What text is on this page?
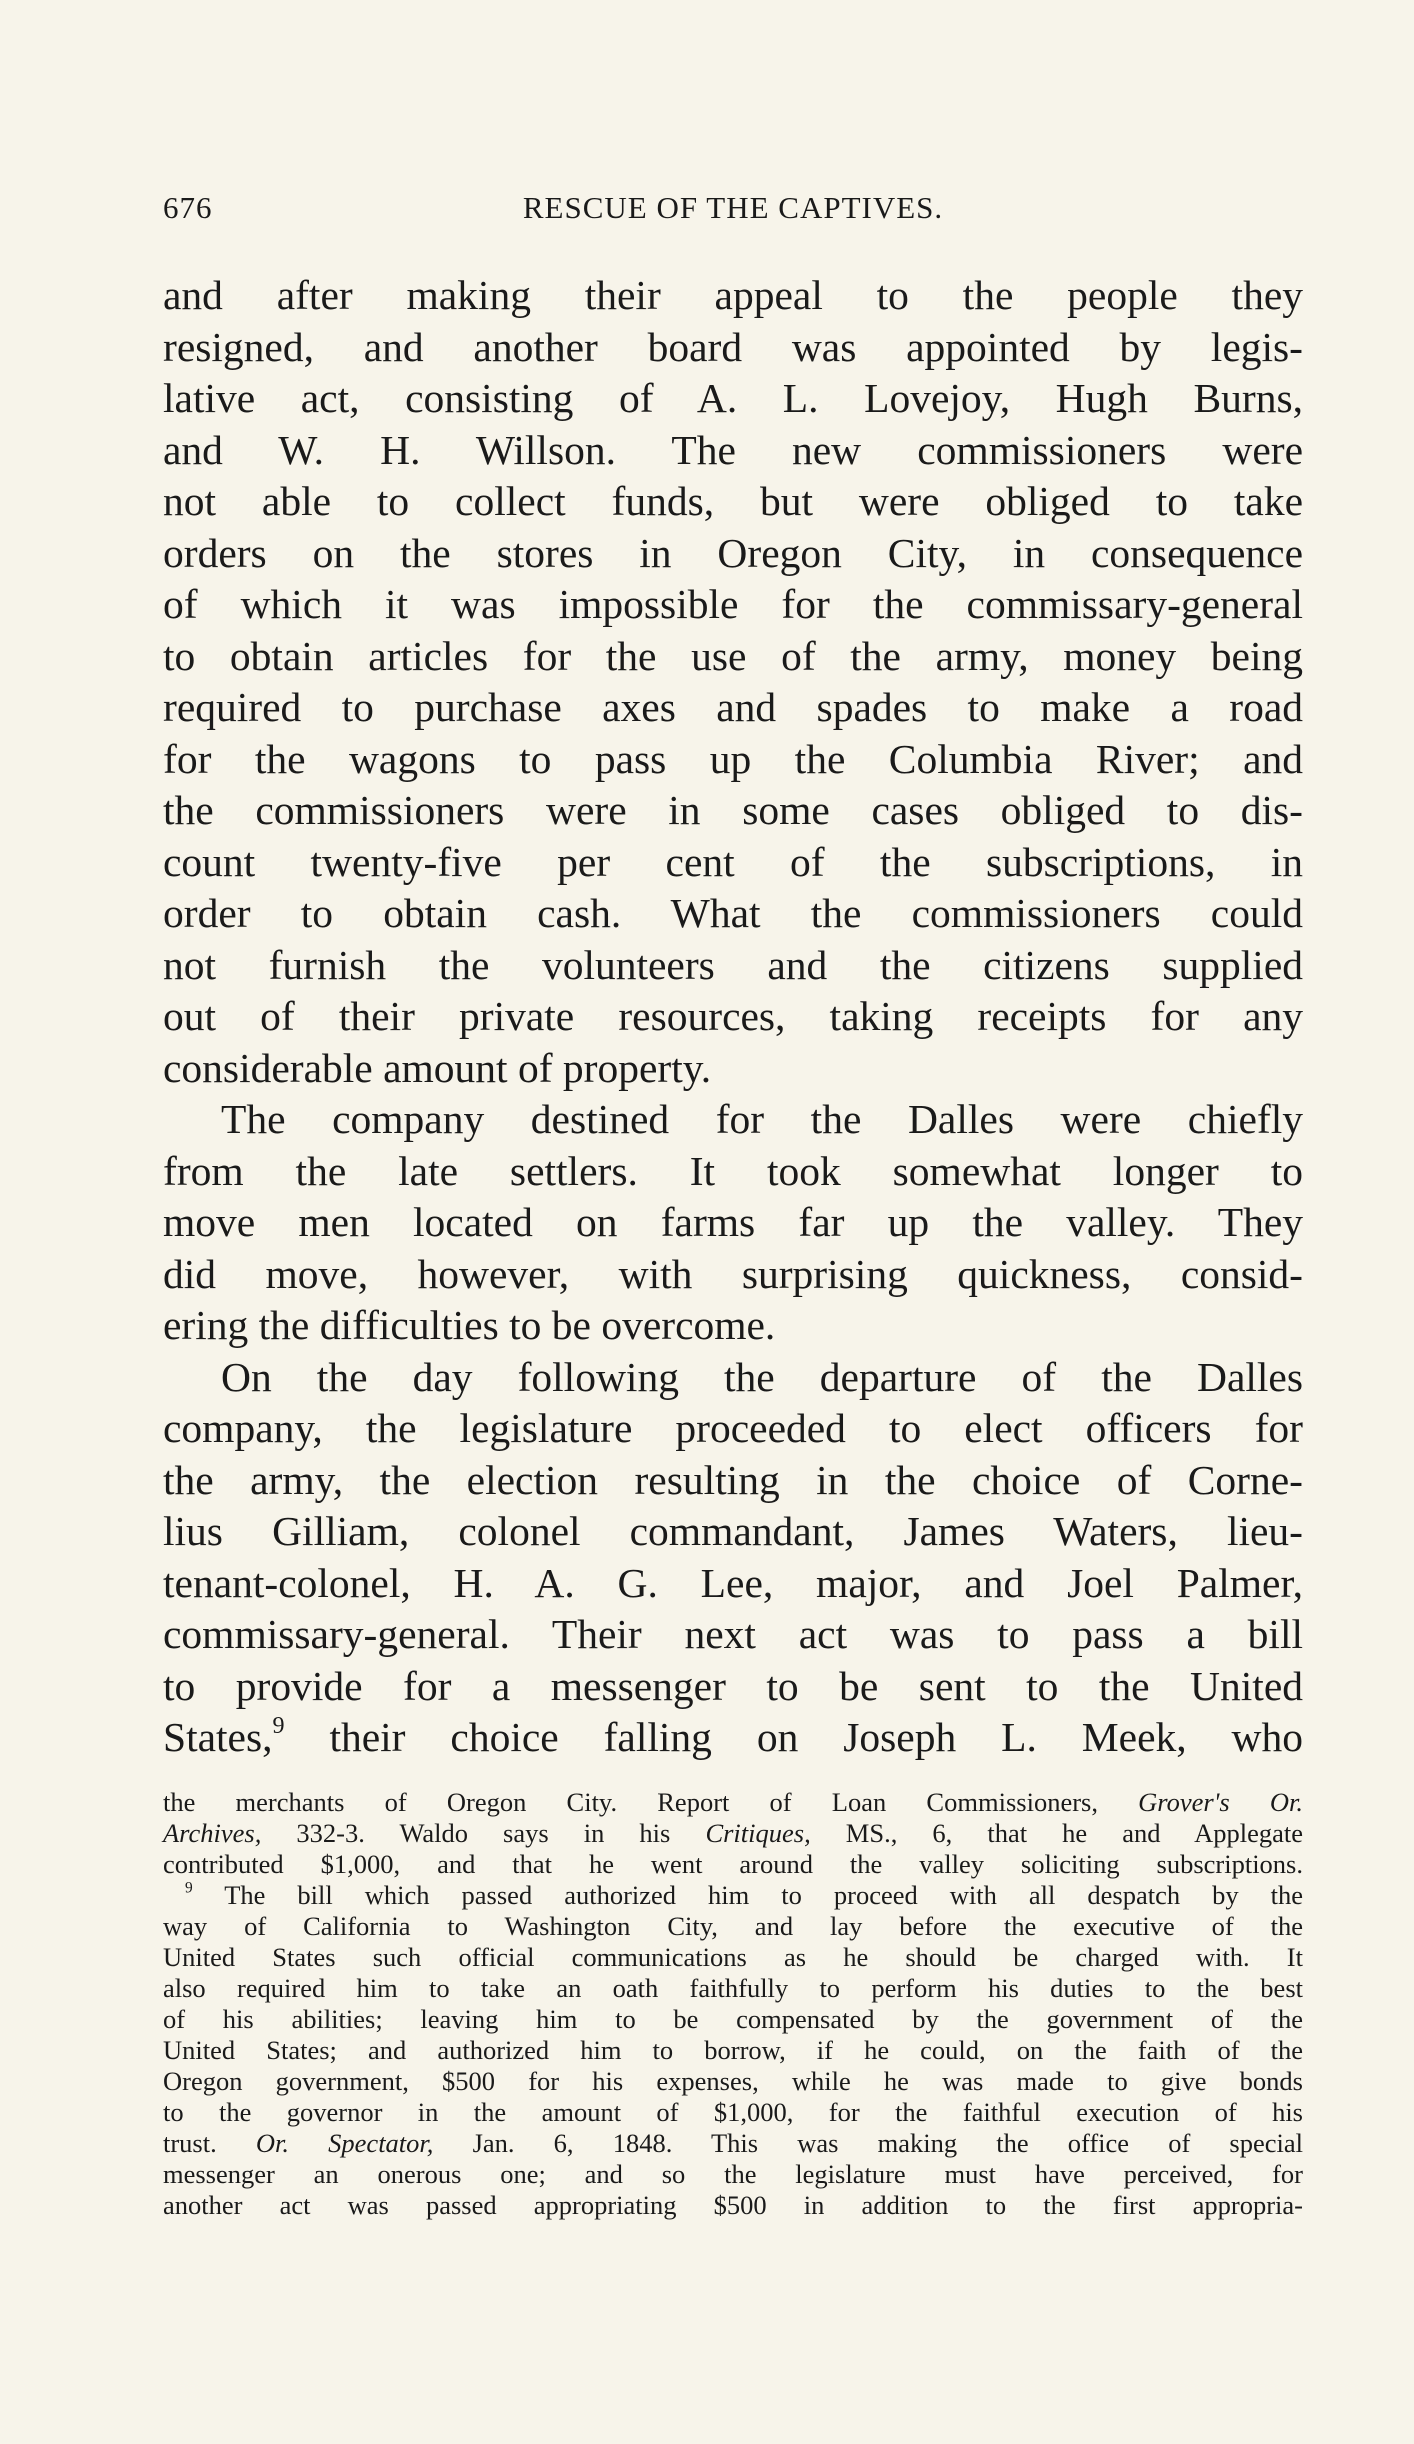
676	RESCUE OF THE CAPTIVES.
and after making their appeal to the people they
resigned, and another board was appointed by legis-
lative act, consisting of A. L. Lovejoy, Hugh Burns,
and W. H. Willson. The new commissioners were
not able to collect funds, but were obliged to take
orders on the stores in Oregon City, in consequence
of which it was impossible for the commissary-general
to obtain articles for the use of the army, money being
required to purchase axes and spades to make a road
for the wagons to pass up the Columbia River; and
the commissioners were in some cases obliged to dis-
count twenty-five per cent of the subscriptions, in
order to obtain cash. What the commissioners could
not furnish the volunteers and the citizens supplied
out of their private resources, taking receipts for any
considerable amount of property.
The company destined for the Dalles were chiefly
from the late settlers. It took somewhat longer to
move men located on farms far up the valley. They
did move, however, with surprising quickness, consid-
ering the difficulties to be overcome.
On the day following the departure of the Dalles
company, the legislature proceeded to elect officers for
the army, the election resulting in the choice of Corne-
lius Gilliam, colonel commandant, James Waters, lieu-
tenant-colonel, H. A. G. Lee, major, and Joel Palmer,
commissary-general. Their next act was to pass a bill
to provide for a messenger to be sent to the United
States,$^9$ their choice falling on Joseph L. Meek, who
the merchants of Oregon City. Report of Loan Commissioners, Grover's Or.
Archives, 332-3. Waldo says in his Critiques, MS., 6, that he and Applegate
contributed $1,000, and that he went around the valley soliciting subscriptions.
$^9$ The bill which passed authorized him to proceed with all despatch by the
way of California to Washington City, and lay before the executive of the
United States such official communications as he should be charged with. It
also required him to take an oath faithfully to perform his duties to the best
of his abilities; leaving him to be compensated by the government of the
United States; and authorized him to borrow, if he could, on the faith of the
Oregon government, $500 for his expenses, while he was made to give bonds
to the governor in the amount of $1,000, for the faithful execution of his
trust. Or. Spectator, Jan. 6, 1848. This was making the office of special
messenger an onerous one; and so the legislature must have perceived, for
another act was passed appropriating $500 in addition to the first appropria-
